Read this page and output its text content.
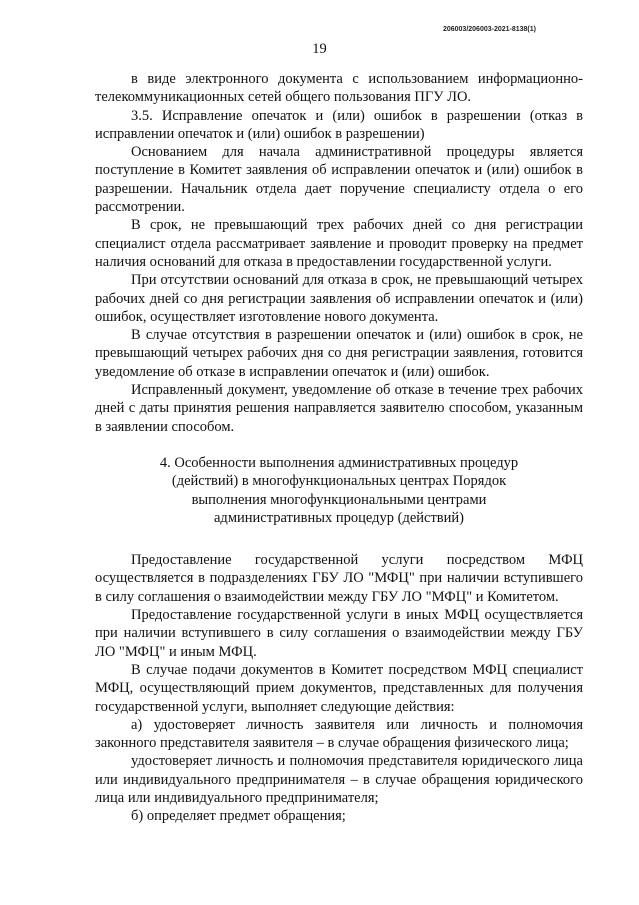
206003/206003-2021-8138(1)
19

в виде электронного документа с использованием информационно-телекоммуникационных сетей общего пользования ПГУ ЛО.

3.5. Исправление опечаток и (или) ошибок в разрешении (отказ в исправлении опечаток и (или) ошибок в разрешении)

Основанием для начала административной процедуры является поступление в Комитет заявления об исправлении опечаток и (или) ошибок в разрешении. Начальник отдела дает поручение специалисту отдела о его рассмотрении.

В срок, не превышающий трех рабочих дней со дня регистрации специалист отдела рассматривает заявление и проводит проверку на предмет наличия оснований для отказа в предоставлении государственной услуги.

При отсутствии оснований для отказа в срок, не превышающий четырех рабочих дней со дня регистрации заявления об исправлении опечаток и (или) ошибок, осуществляет изготовление нового документа.

В случае отсутствия в разрешении опечаток и (или) ошибок в срок, не превышающий четырех рабочих дня со дня регистрации заявления, готовится уведомление об отказе в исправлении опечаток и (или) ошибок.

Исправленный документ, уведомление об отказе в течение трех рабочих дней с даты принятия решения направляется заявителю способом, указанным в заявлении способом.

4. Особенности выполнения административных процедур (действий) в многофункциональных центрах Порядок выполнения многофункциональными центрами административных процедур (действий)

Предоставление государственной услуги посредством МФЦ осуществляется в подразделениях ГБУ ЛО "МФЦ" при наличии вступившего в силу соглашения о взаимодействии между ГБУ ЛО "МФЦ" и Комитетом.

Предоставление государственной услуги в иных МФЦ осуществляется при наличии вступившего в силу соглашения о взаимодействии между ГБУ ЛО "МФЦ" и иным МФЦ.

В случае подачи документов в Комитет посредством МФЦ специалист МФЦ, осуществляющий прием документов, представленных для получения государственной услуги, выполняет следующие действия:

а) удостоверяет личность заявителя или личность и полномочия законного представителя заявителя – в случае обращения физического лица;

удостоверяет личность и полномочия представителя юридического лица или индивидуального предпринимателя – в случае обращения юридического лица или индивидуального предпринимателя;

б) определяет предмет обращения;
